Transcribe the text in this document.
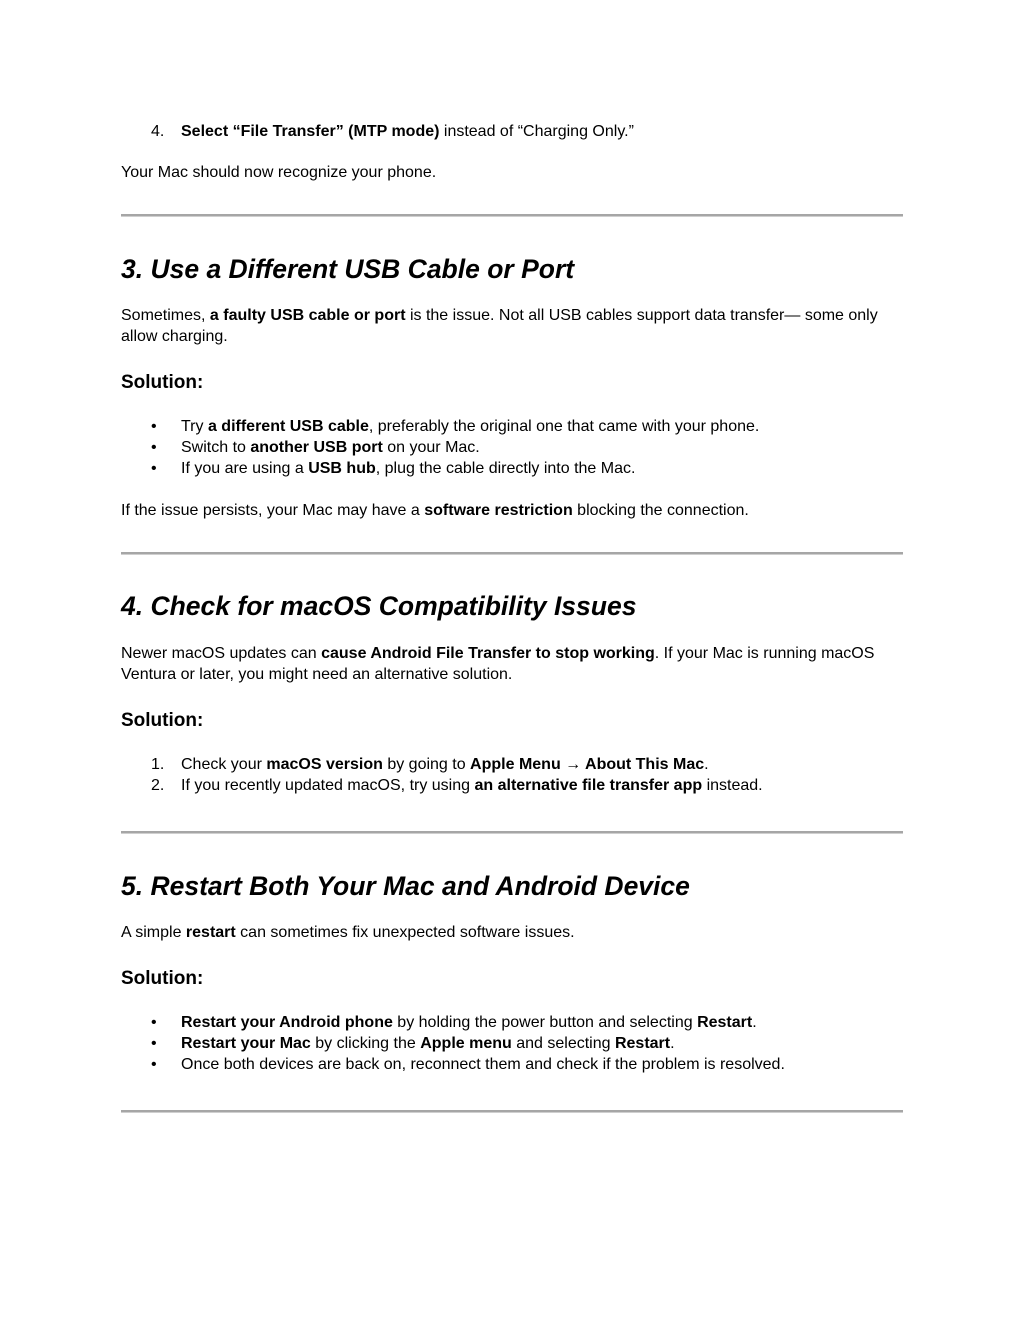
4. Select “File Transfer” (MTP mode) instead of “Charging Only.”

Your Mac should now recognize your phone.

3. Use a Different USB Cable or Port

Sometimes, a faulty USB cable or port is the issue. Not all USB cables support data transfer— some only allow charging.

Solution:
• Try a different USB cable, preferably the original one that came with your phone.
• Switch to another USB port on your Mac.
• If you are using a USB hub, plug the cable directly into the Mac.

If the issue persists, your Mac may have a software restriction blocking the connection.

4. Check for macOS Compatibility Issues

Newer macOS updates can cause Android File Transfer to stop working. If your Mac is running macOS Ventura or later, you might need an alternative solution.

Solution:
1. Check your macOS version by going to Apple Menu → About This Mac.
2. If you recently updated macOS, try using an alternative file transfer app instead.
5. Restart Both Your Mac and Android Device

A simple restart can sometimes fix unexpected software issues.

Solution:
• Restart your Android phone by holding the power button and selecting Restart.
• Restart your Mac by clicking the Apple menu and selecting Restart.
• Once both devices are back on, reconnect them and check if the problem is resolved.
